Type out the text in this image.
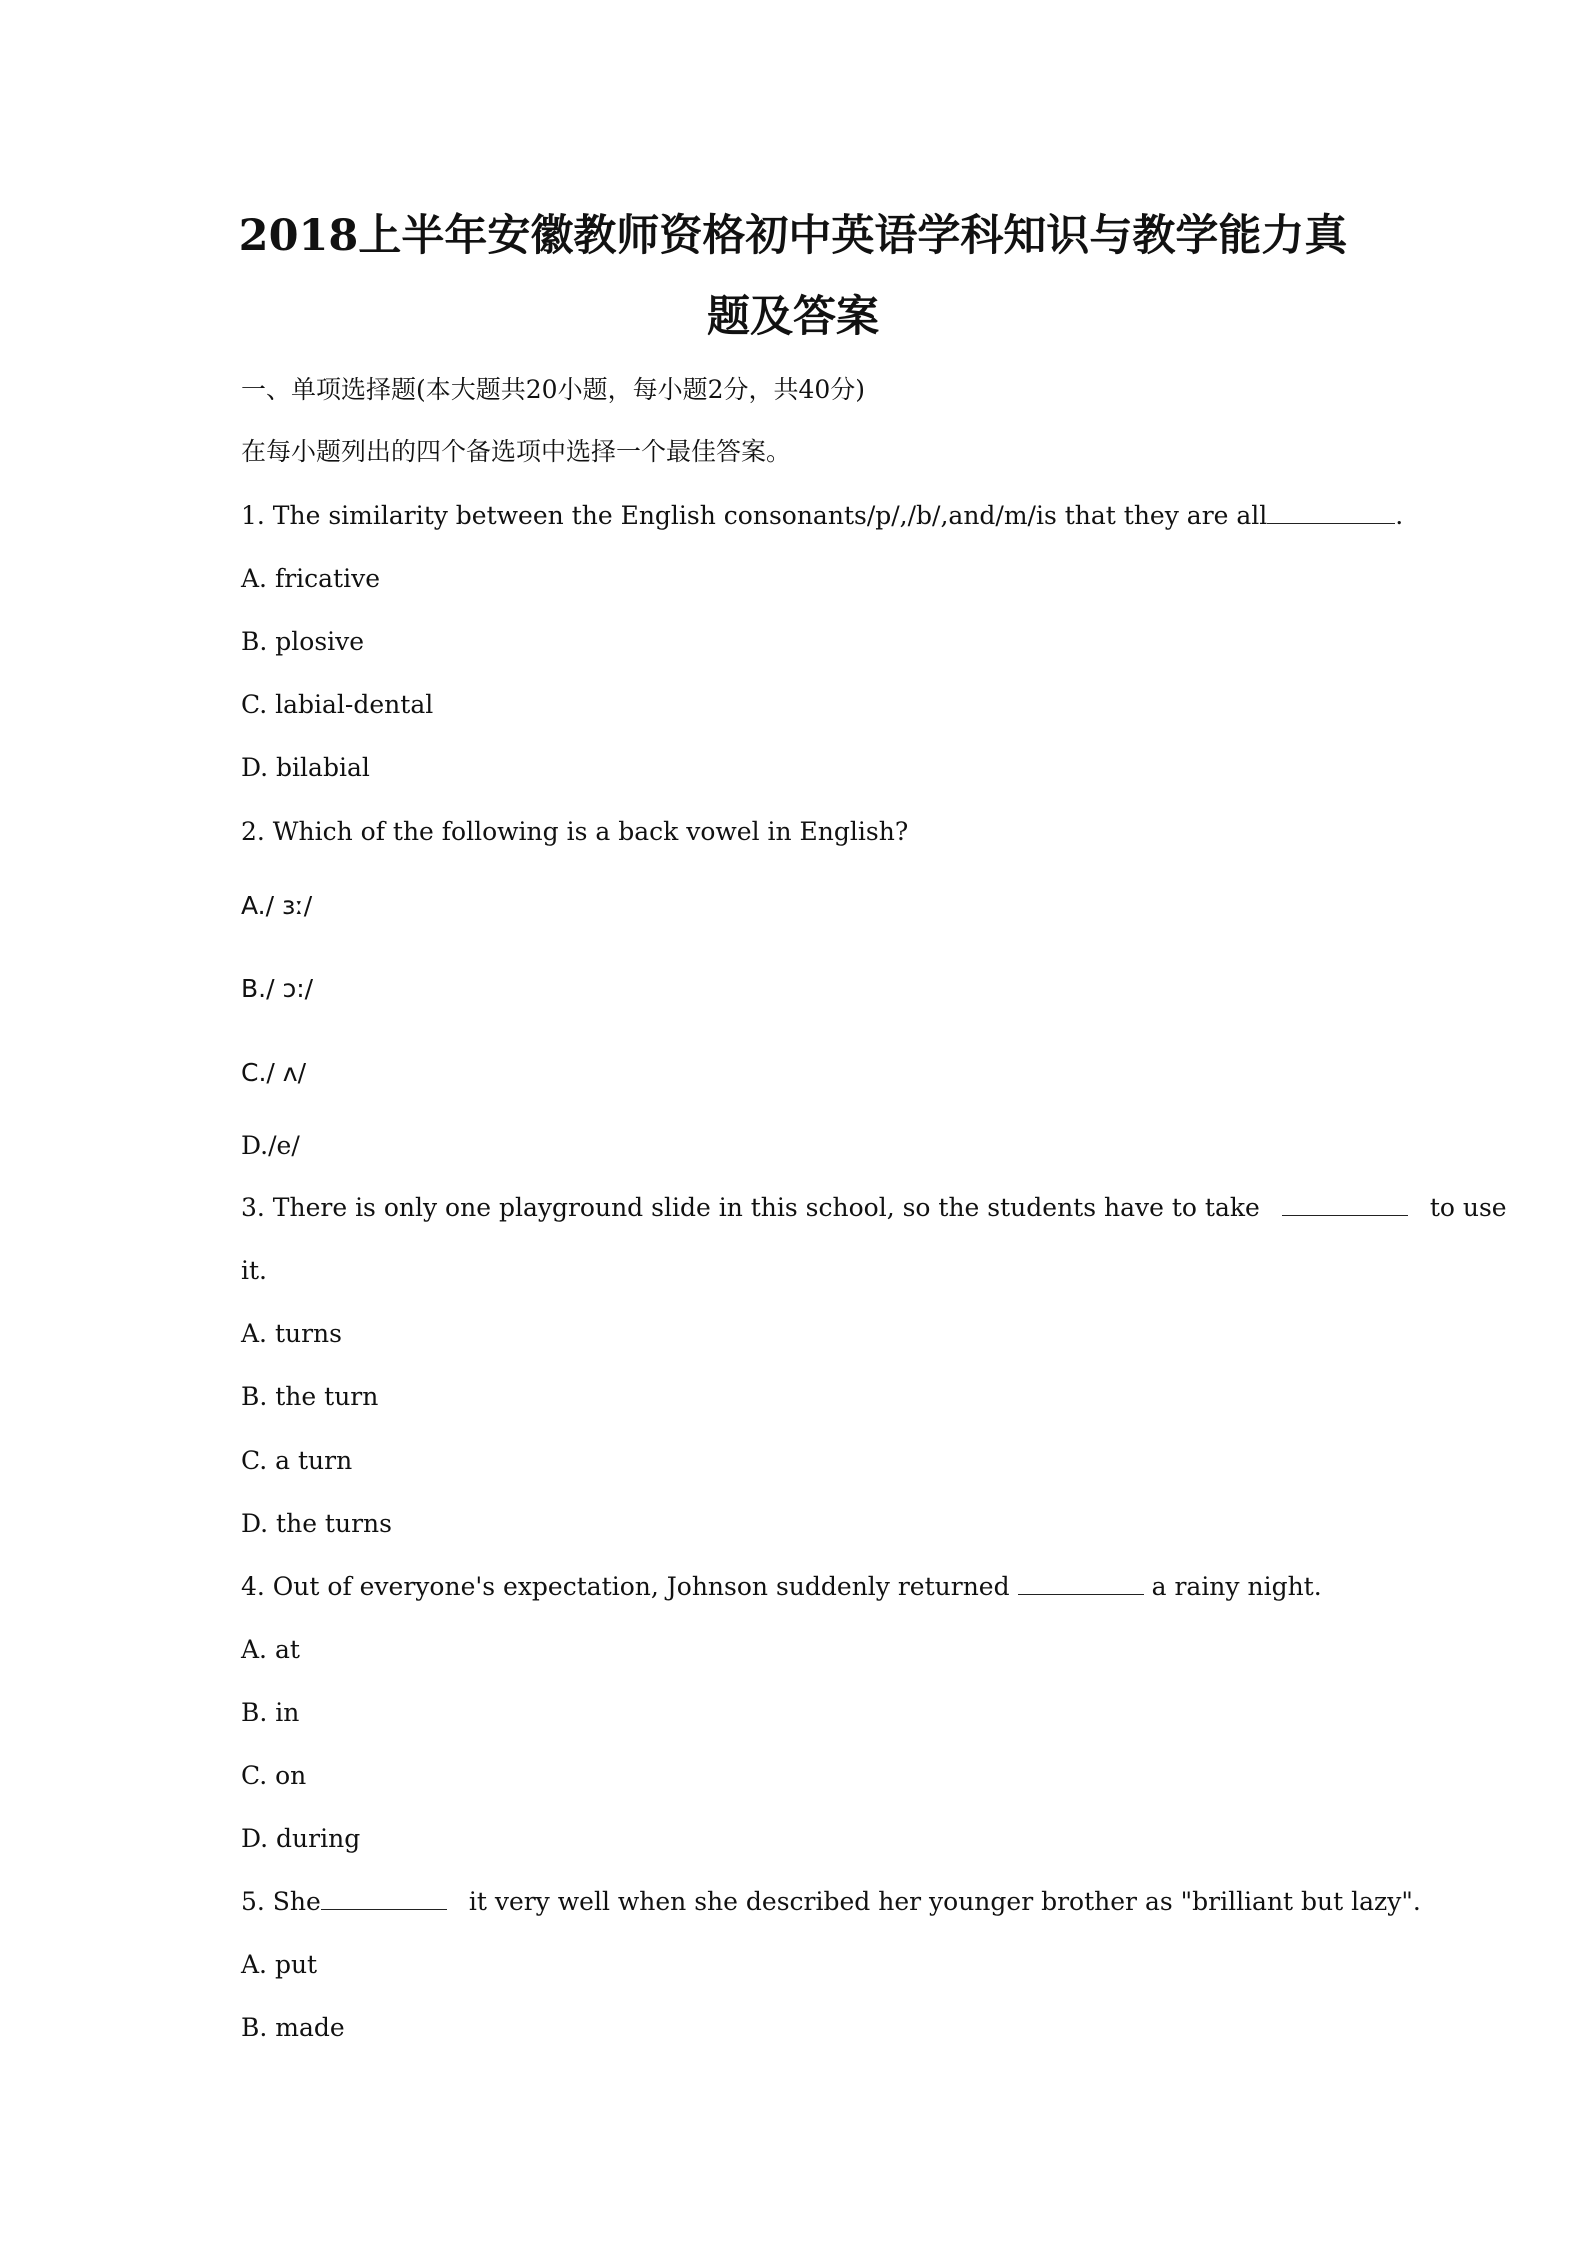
2018上半年安徽教师资格初中英语学科知识与教学能力真
题及答案
一、单项选择题(本大题共20小题，每小题2分，共40分)
在每小题列出的四个备选项中选择一个最佳答案。
1. The similarity between the English consonants/p/,/b/,and/m/is that they are all	.
A. fricative
B. plosive
C. labial-dental
D. bilabial
2. Which of the following is a back vowel in English?
A./ ɜː/
B./ ɔ:/
C./ ʌ/
D./e/
3. There is only one playground slide in this school, so the students have to take	to use
it.
A. turns
B. the turn
C. a turn
D. the turns
4. Out of everyone's expectation, Johnson suddenly returned	a rainy night.
A. at
B. in
C. on
D. during
5. She	it very well when she described her younger brother as "brilliant but lazy".
A. put
B. made
